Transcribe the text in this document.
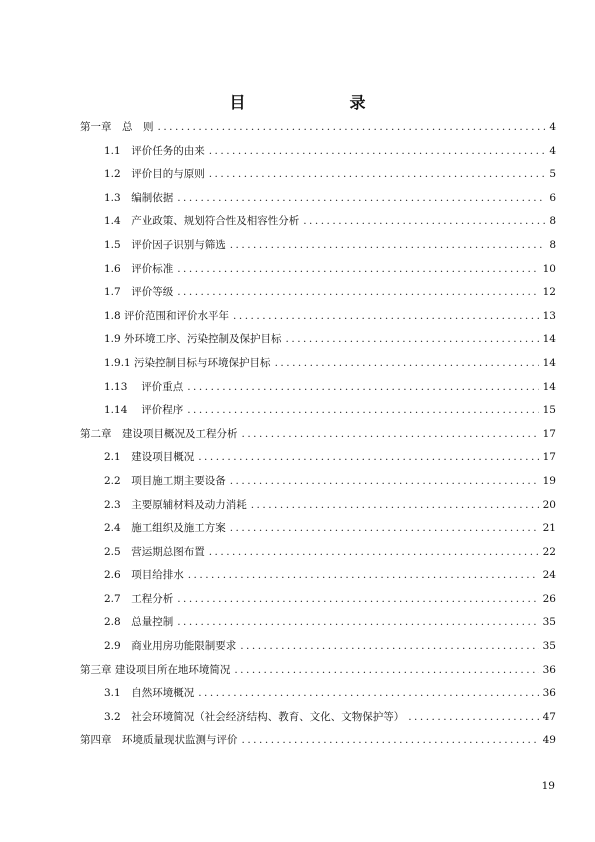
目　　录
第一章　总　则 .....	4
1.1　评价任务的由来 .....	4
1.2　评价目的与原则 .....	5
1.3　编制依据 .....	6
1.4　产业政策、规划符合性及相容性分析 .....	8
1.5　评价因子识别与筛选 .....	8
1.6　评价标准 .....	10
1.7　评价等级 .....	12
1.8 评价范围和评价水平年 .....	13
1.9 外环境工序、污染控制及保护目标 .....	14
1.9.1 污染控制目标与环境保护目标 .....	14
1.13　 评价重点 .....	14
1.14　 评价程序 .....	15
第二章　建设项目概况及工程分析 .....	17
2.1　建设项目概况 .....	17
2.2　项目施工期主要设备 .....	19
2.3　主要原辅材料及动力消耗 .....	20
2.4　施工组织及施工方案 .....	21
2.5　营运期总图布置 .....	22
2.6　项目给排水 .....	24
2.7　工程分析 .....	26
2.8　总量控制 .....	35
2.9　商业用房功能限制要求 .....	35
第三章 建设项目所在地环境简况 .....	36
3.1　自然环境概况 .....	36
3.2　社会环境简况（社会经济结构、教育、文化、文物保护等） .....	47
第四章　环境质量现状监测与评价 .....	49
19
